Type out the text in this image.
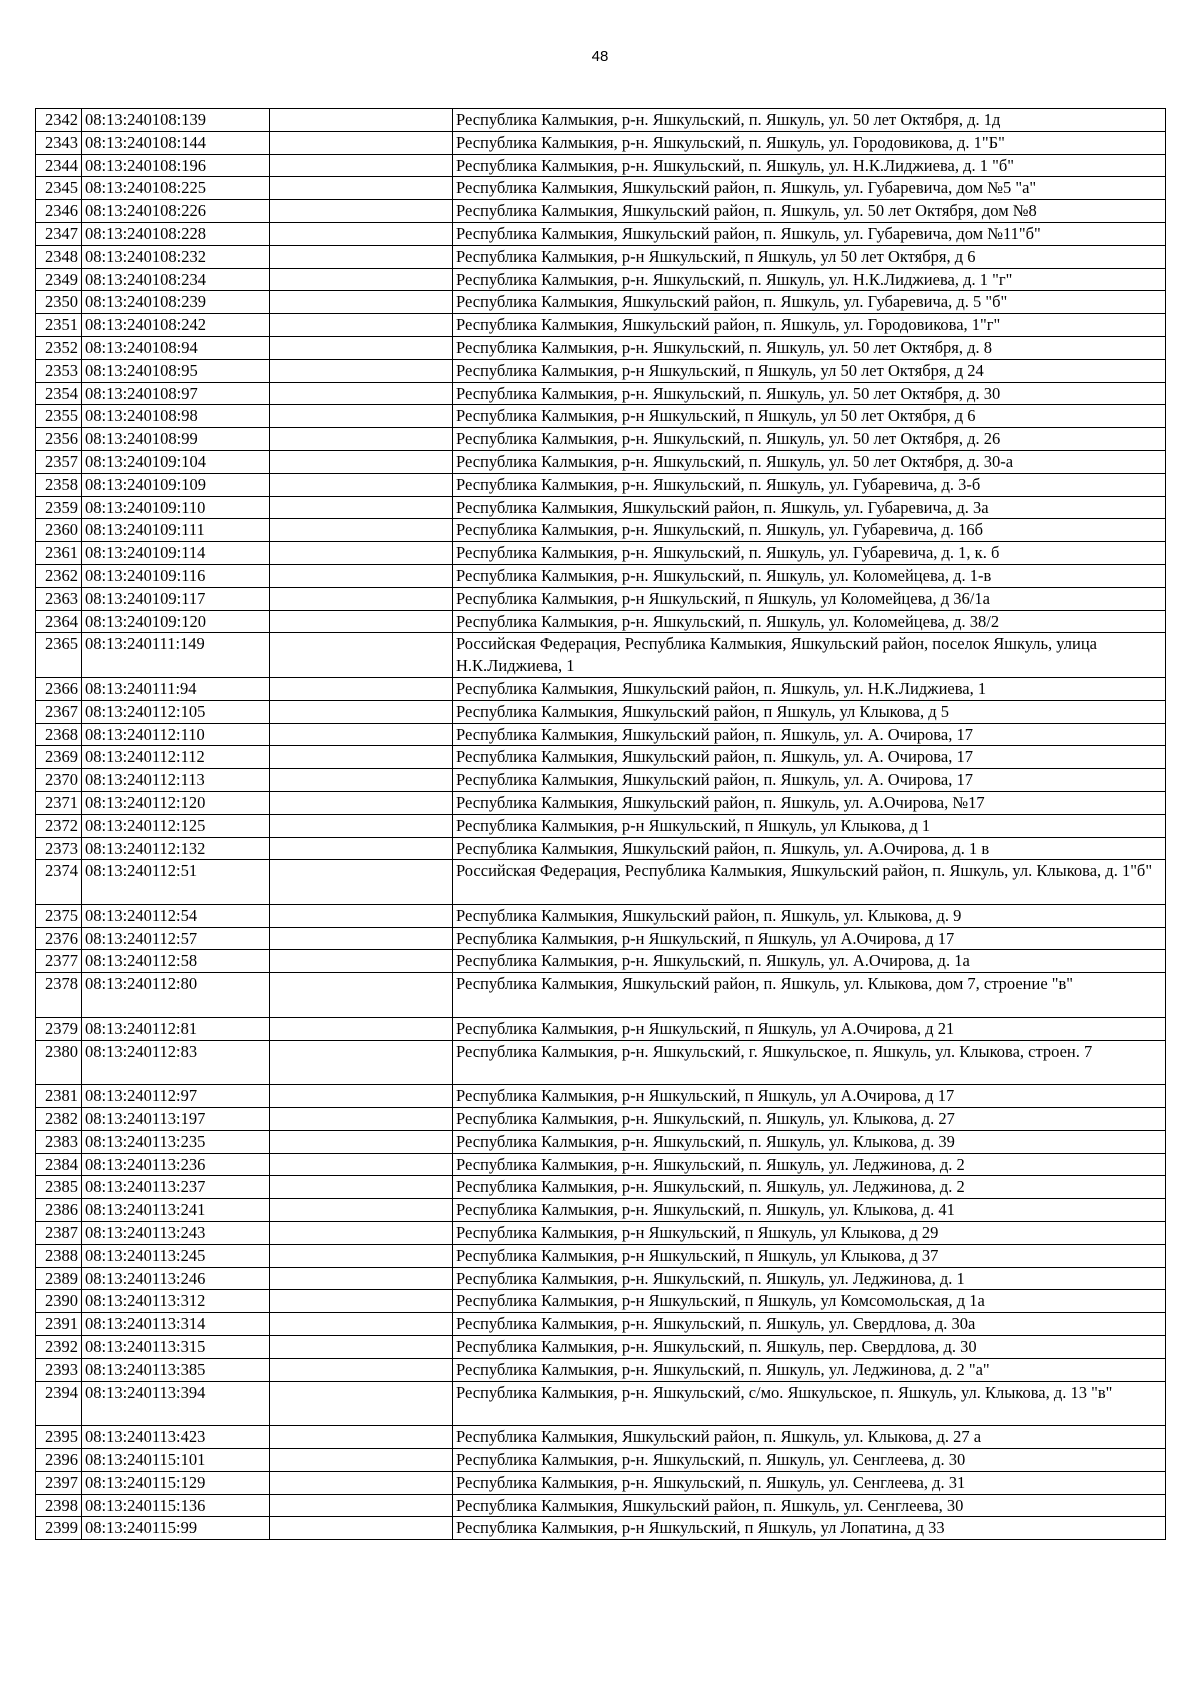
48
2342	08:13:240108:139		Республика Калмыкия, р-н. Яшкульский, п. Яшкуль, ул. 50 лет Октября, д. 1д
2343	08:13:240108:144		Республика Калмыкия, р-н. Яшкульский, п. Яшкуль, ул. Городовикова, д. 1"Б"
2344	08:13:240108:196		Республика Калмыкия, р-н. Яшкульский, п. Яшкуль, ул. Н.К.Лиджиева, д. 1 "б"
2345	08:13:240108:225		Республика Калмыкия, Яшкульский район, п. Яшкуль, ул. Губаревича, дом №5 "а"
2346	08:13:240108:226		Республика Калмыкия, Яшкульский район, п. Яшкуль, ул. 50 лет Октября, дом №8
2347	08:13:240108:228		Республика Калмыкия, Яшкульский район, п. Яшкуль, ул. Губаревича, дом №11"б"
2348	08:13:240108:232		Республика Калмыкия, р-н Яшкульский, п Яшкуль, ул 50 лет Октября, д 6
2349	08:13:240108:234		Республика Калмыкия, р-н. Яшкульский, п. Яшкуль, ул. Н.К.Лиджиева, д. 1 "г"
2350	08:13:240108:239		Республика Калмыкия, Яшкульский район, п. Яшкуль, ул. Губаревича, д. 5 "б"
2351	08:13:240108:242		Республика Калмыкия, Яшкульский район, п. Яшкуль, ул. Городовикова, 1"г"
2352	08:13:240108:94		Республика Калмыкия, р-н. Яшкульский, п. Яшкуль, ул. 50 лет Октября, д. 8
2353	08:13:240108:95		Республика Калмыкия, р-н Яшкульский, п Яшкуль, ул 50 лет Октября, д 24
2354	08:13:240108:97		Республика Калмыкия, р-н. Яшкульский, п. Яшкуль, ул. 50 лет Октября, д. 30
2355	08:13:240108:98		Республика Калмыкия, р-н Яшкульский, п Яшкуль, ул 50 лет Октября, д 6
2356	08:13:240108:99		Республика Калмыкия, р-н. Яшкульский, п. Яшкуль, ул. 50 лет Октября, д. 26
2357	08:13:240109:104		Республика Калмыкия, р-н. Яшкульский, п. Яшкуль, ул. 50 лет Октября, д. 30-а
2358	08:13:240109:109		Республика Калмыкия, р-н. Яшкульский, п. Яшкуль, ул. Губаревича, д. 3-б
2359	08:13:240109:110		Республика Калмыкия, Яшкульский район, п. Яшкуль, ул. Губаревича, д. 3а
2360	08:13:240109:111		Республика Калмыкия, р-н. Яшкульский, п. Яшкуль, ул. Губаревича, д. 16б
2361	08:13:240109:114		Республика Калмыкия, р-н. Яшкульский, п. Яшкуль, ул. Губаревича, д. 1, к. б
2362	08:13:240109:116		Республика Калмыкия, р-н. Яшкульский, п. Яшкуль, ул. Коломейцева, д. 1-в
2363	08:13:240109:117		Республика Калмыкия, р-н Яшкульский, п Яшкуль, ул Коломейцева, д 36/1а
2364	08:13:240109:120		Республика Калмыкия, р-н. Яшкульский, п. Яшкуль, ул. Коломейцева, д. 38/2
2365	08:13:240111:149		Российская Федерация, Республика Калмыкия, Яшкульский район, поселок Яшкуль, улица Н.К.Лиджиева, 1
2366	08:13:240111:94		Республика Калмыкия, Яшкульский район, п. Яшкуль, ул. Н.К.Лиджиева, 1
2367	08:13:240112:105		Республика Калмыкия, Яшкульский район, п Яшкуль, ул Клыкова, д 5
2368	08:13:240112:110		Республика Калмыкия, Яшкульский район, п. Яшкуль, ул. А. Очирова, 17
2369	08:13:240112:112		Республика Калмыкия, Яшкульский район, п. Яшкуль, ул. А. Очирова, 17
2370	08:13:240112:113		Республика Калмыкия, Яшкульский район, п. Яшкуль, ул. А. Очирова, 17
2371	08:13:240112:120		Республика Калмыкия, Яшкульский район, п. Яшкуль, ул. А.Очирова, №17
2372	08:13:240112:125		Республика Калмыкия, р-н Яшкульский, п Яшкуль, ул Клыкова, д 1
2373	08:13:240112:132		Республика Калмыкия, Яшкульский район, п. Яшкуль, ул. А.Очирова, д. 1 в
2374	08:13:240112:51		Российская Федерация, Республика Калмыкия, Яшкульский район, п. Яшкуль, ул. Клыкова, д. 1"б"
2375	08:13:240112:54		Республика Калмыкия, Яшкульский район, п. Яшкуль, ул. Клыкова, д. 9
2376	08:13:240112:57		Республика Калмыкия, р-н Яшкульский, п Яшкуль, ул А.Очирова, д 17
2377	08:13:240112:58		Республика Калмыкия, р-н. Яшкульский, п. Яшкуль, ул. А.Очирова, д. 1а
2378	08:13:240112:80		Республика Калмыкия, Яшкульский район, п. Яшкуль, ул. Клыкова, дом 7, строение "в"
2379	08:13:240112:81		Республика Калмыкия, р-н Яшкульский, п Яшкуль, ул А.Очирова, д 21
2380	08:13:240112:83		Республика Калмыкия, р-н. Яшкульский, г. Яшкульское, п. Яшкуль, ул. Клыкова, строен. 7
2381	08:13:240112:97		Республика Калмыкия, р-н Яшкульский, п Яшкуль, ул А.Очирова, д 17
2382	08:13:240113:197		Республика Калмыкия, р-н. Яшкульский, п. Яшкуль, ул. Клыкова, д. 27
2383	08:13:240113:235		Республика Калмыкия, р-н. Яшкульский, п. Яшкуль, ул. Клыкова, д. 39
2384	08:13:240113:236		Республика Калмыкия, р-н. Яшкульский, п. Яшкуль, ул. Леджинова, д. 2
2385	08:13:240113:237		Республика Калмыкия, р-н. Яшкульский, п. Яшкуль, ул. Леджинова, д. 2
2386	08:13:240113:241		Республика Калмыкия, р-н. Яшкульский, п. Яшкуль, ул. Клыкова, д. 41
2387	08:13:240113:243		Республика Калмыкия, р-н Яшкульский, п Яшкуль, ул Клыкова, д 29
2388	08:13:240113:245		Республика Калмыкия, р-н Яшкульский, п Яшкуль, ул Клыкова, д 37
2389	08:13:240113:246		Республика Калмыкия, р-н. Яшкульский, п. Яшкуль, ул. Леджинова, д. 1
2390	08:13:240113:312		Республика Калмыкия, р-н Яшкульский, п Яшкуль, ул Комсомольская, д 1а
2391	08:13:240113:314		Республика Калмыкия, р-н. Яшкульский, п. Яшкуль, ул. Свердлова, д. 30а
2392	08:13:240113:315		Республика Калмыкия, р-н. Яшкульский, п. Яшкуль, пер. Свердлова, д. 30
2393	08:13:240113:385		Республика Калмыкия, р-н. Яшкульский, п. Яшкуль, ул. Леджинова, д. 2 "а"
2394	08:13:240113:394		Республика Калмыкия, р-н. Яшкульский, с/мо. Яшкульское, п. Яшкуль, ул. Клыкова, д. 13 "в"
2395	08:13:240113:423		Республика Калмыкия, Яшкульский район, п. Яшкуль, ул. Клыкова, д. 27 а
2396	08:13:240115:101		Республика Калмыкия, р-н. Яшкульский, п. Яшкуль, ул. Сенглеева, д. 30
2397	08:13:240115:129		Республика Калмыкия, р-н. Яшкульский, п. Яшкуль, ул. Сенглеева, д. 31
2398	08:13:240115:136		Республика Калмыкия, Яшкульский район, п. Яшкуль, ул. Сенглеева, 30
2399	08:13:240115:99		Республика Калмыкия, р-н Яшкульский, п Яшкуль, ул Лопатина, д 33
